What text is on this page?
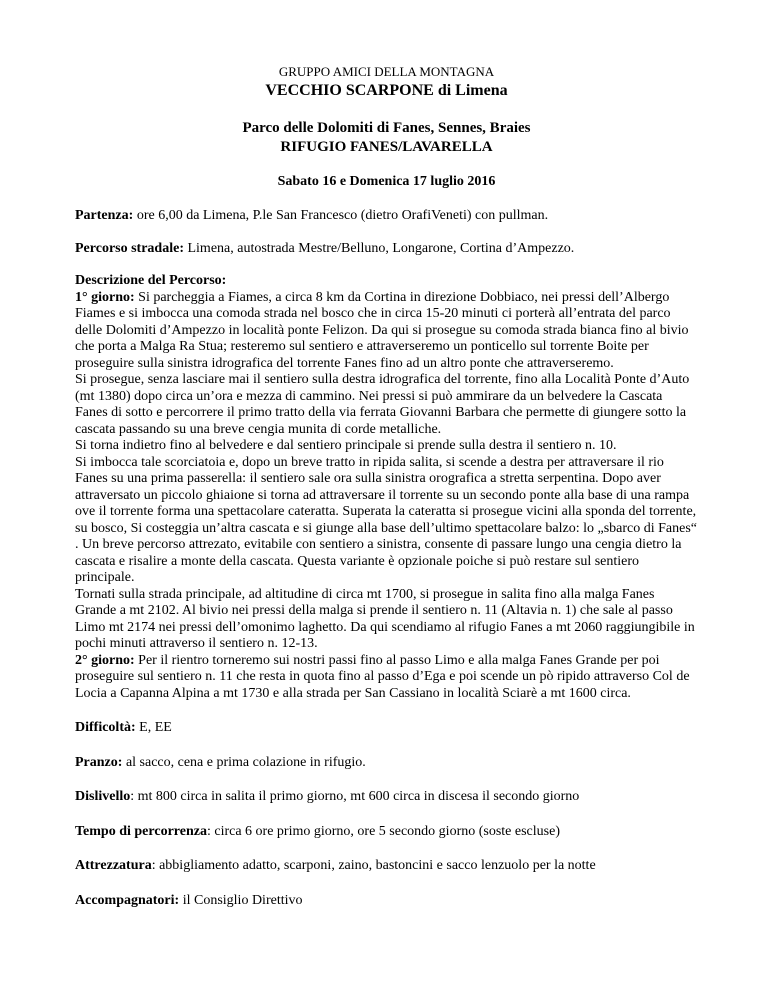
GRUPPO AMICI DELLA MONTAGNA
VECCHIO SCARPONE di Limena
Parco delle Dolomiti di Fanes, Sennes, Braies
RIFUGIO FANES/LAVARELLA
Sabato 16 e Domenica 17 luglio 2016

Partenza: ore 6,00 da Limena, P.le San Francesco (dietro OrafiVeneti) con pullman.

Percorso stradale: Limena, autostrada Mestre/Belluno, Longarone, Cortina d’Ampezzo.

Descrizione del Percorso:
1° giorno: Si parcheggia a Fiames, a circa 8 km da Cortina in direzione Dobbiaco, nei pressi dell’Albergo Fiames e si imbocca una comoda strada nel bosco che in circa 15-20 minuti ci porterà all’entrata del parco delle Dolomiti d’Ampezzo in località ponte Felizon. Da qui si prosegue su comoda strada bianca fino al bivio che porta a Malga Ra Stua; resteremo sul sentiero e attraverseremo un ponticello sul torrente Boite per proseguire sulla sinistra idrografica del torrente Fanes fino ad un altro ponte che attraverseremo.
Si prosegue, senza lasciare mai il sentiero sulla destra idrografica del torrente, fino alla Località Ponte d’Auto (mt 1380) dopo circa un’ora e mezza di cammino. Nei pressi si può ammirare da un belvedere la Cascata Fanes di sotto e percorrere il primo tratto della via ferrata Giovanni Barbara che permette di giungere sotto la cascata passando su una breve cengia munita di corde metalliche.
Si torna indietro fino al belvedere e dal sentiero principale si prende sulla destra il sentiero n. 10.
Si imbocca tale scorciatoia e, dopo un breve tratto in ripida salita, si scende a destra per attraversare il rio Fanes su una prima passerella: il sentiero sale ora sulla sinistra orografica a stretta serpentina. Dopo aver attraversato un piccolo ghiaione si torna ad attraversare il torrente su un secondo ponte alla base di una rampa ove il torrente forma una spettacolare cateratta. Superata la cateratta si prosegue vicini alla sponda del torrente, su bosco, Si costeggia un’altra cascata e si giunge alla base dell’ultimo spettacolare balzo: lo „sbarco di Fanes“ . Un breve percorso attrezato, evitabile con sentiero a sinistra, consente di passare lungo una cengia dietro la cascata e risalire a monte della cascata. Questa variante è opzionale poiche si può restare sul sentiero principale.
Tornati sulla strada principale, ad altitudine di circa mt 1700, si prosegue in salita fino alla malga Fanes Grande a mt 2102. Al bivio nei pressi della malga si prende il sentiero n. 11 (Altavia n. 1) che sale al passo Limo mt 2174 nei pressi dell’omonimo laghetto. Da qui scendiamo al rifugio Fanes a mt 2060 raggiungibile in pochi minuti attraverso il sentiero n. 12-13.
2° giorno: Per il rientro torneremo sui nostri passi fino al passo Limo e alla malga Fanes Grande per poi proseguire sul sentiero n. 11 che resta in quota fino al passo d’Ega e poi scende un pò ripido attraverso Col de Locia a Capanna Alpina a mt 1730 e alla strada per San Cassiano in località Sciarè a mt 1600 circa.

Difficoltà: E, EE

Pranzo: al sacco, cena e prima colazione in rifugio.

Dislivello: mt 800 circa in salita il primo giorno, mt 600 circa in discesa il secondo giorno

Tempo di percorrenza: circa 6 ore primo giorno, ore 5 secondo giorno (soste escluse)

Attrezzatura: abbigliamento adatto, scarponi, zaino, bastoncini e sacco lenzuolo per la notte

Accompagnatori: il Consiglio Direttivo
